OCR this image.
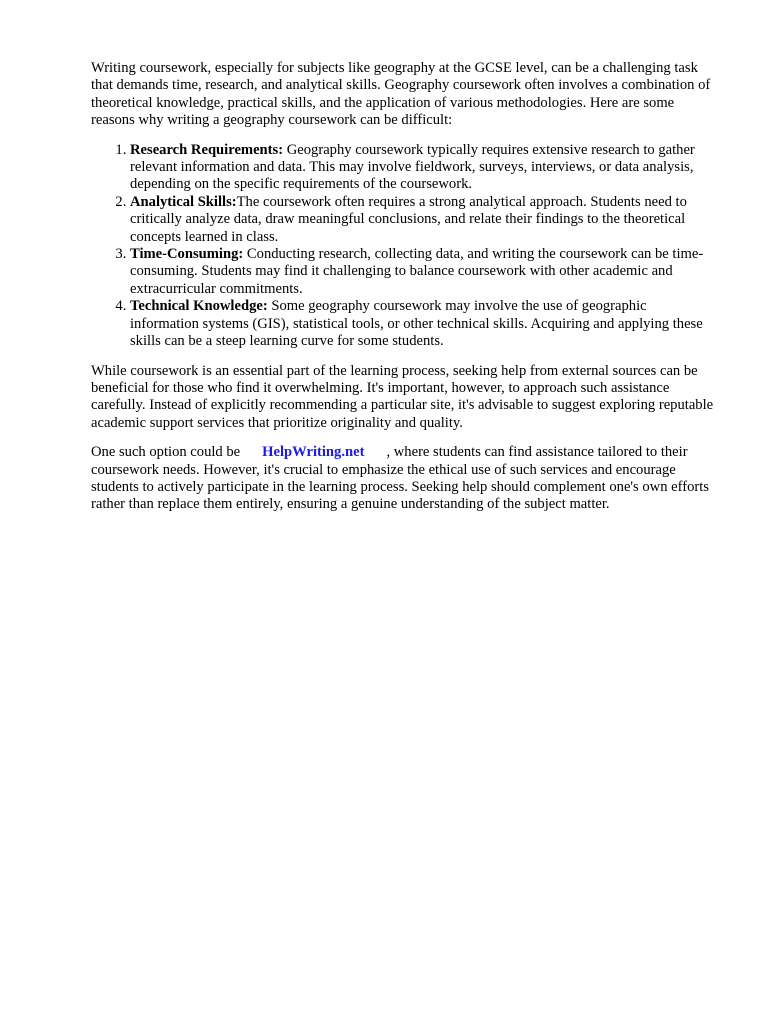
Writing coursework, especially for subjects like geography at the GCSE level, can be a challenging task that demands time, research, and analytical skills. Geography coursework often involves a combination of theoretical knowledge, practical skills, and the application of various methodologies. Here are some reasons why writing a geography coursework can be difficult:

1. Research Requirements: Geography coursework typically requires extensive research to gather relevant information and data. This may involve fieldwork, surveys, interviews, or data analysis, depending on the specific requirements of the coursework.
2. Analytical Skills:The coursework often requires a strong analytical approach. Students need to critically analyze data, draw meaningful conclusions, and relate their findings to the theoretical concepts learned in class.
3. Time-Consuming: Conducting research, collecting data, and writing the coursework can be time-consuming. Students may find it challenging to balance coursework with other academic and extracurricular commitments.
4. Technical Knowledge: Some geography coursework may involve the use of geographic information systems (GIS), statistical tools, or other technical skills. Acquiring and applying these skills can be a steep learning curve for some students.

While coursework is an essential part of the learning process, seeking help from external sources can be beneficial for those who find it overwhelming. It's important, however, to approach such assistance carefully. Instead of explicitly recommending a particular site, it's advisable to suggest exploring reputable academic support services that prioritize originality and quality.

One such option could be HelpWriting.net , where students can find assistance tailored to their coursework needs. However, it's crucial to emphasize the ethical use of such services and encourage students to actively participate in the learning process. Seeking help should complement one's own efforts rather than replace them entirely, ensuring a genuine understanding of the subject matter.
